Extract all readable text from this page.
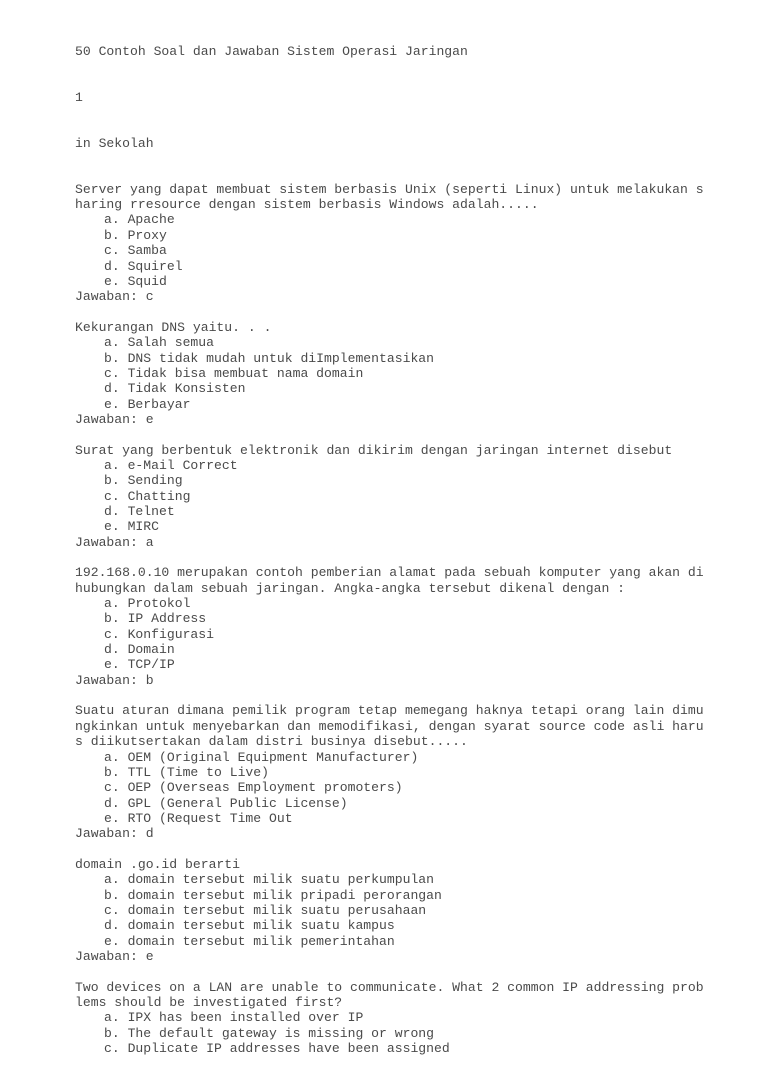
50 Contoh Soal dan Jawaban Sistem Operasi Jaringan

1

in Sekolah

Server yang dapat membuat sistem berbasis Unix (seperti Linux) untuk melakukan s
haring rresource dengan sistem berbasis Windows adalah.....
a. Apache
b. Proxy
c. Samba
d. Squirel
e. Squid
Jawaban: c
Kekurangan DNS yaitu. . .
a. Salah semua
b. DNS tidak mudah untuk diImplementasikan
c. Tidak bisa membuat nama domain
d. Tidak Konsisten
e. Berbayar
Jawaban: e
Surat yang berbentuk elektronik dan dikirim dengan jaringan internet disebut
a. e-Mail Correct
b. Sending
c. Chatting
d. Telnet
e. MIRC
Jawaban: a
192.168.0.10 merupakan contoh pemberian alamat pada sebuah komputer yang akan di
hubungkan dalam sebuah jaringan. Angka-angka tersebut dikenal dengan :
a. Protokol
b. IP Address
c. Konfigurasi
d. Domain
e. TCP/IP
Jawaban: b
Suatu aturan dimana pemilik program tetap memegang haknya tetapi orang lain dimu
ngkinkan untuk menyebarkan dan memodifikasi, dengan syarat source code asli haru
s diikutsertakan dalam distri businya disebut.....
a. OEM (Original Equipment Manufacturer)
b. TTL (Time to Live)
c. OEP (Overseas Employment promoters)
d. GPL (General Public License)
e. RTO (Request Time Out
Jawaban: d
domain .go.id berarti
a. domain tersebut milik suatu perkumpulan
b. domain tersebut milik pripadi perorangan
c. domain tersebut milik suatu perusahaan
d. domain tersebut milik suatu kampus
e. domain tersebut milik pemerintahan
Jawaban: e
Two devices on a LAN are unable to communicate. What 2 common IP addressing prob
lems should be investigated first?
a. IPX has been installed over IP
b. The default gateway is missing or wrong
c. Duplicate IP addresses have been assigned
